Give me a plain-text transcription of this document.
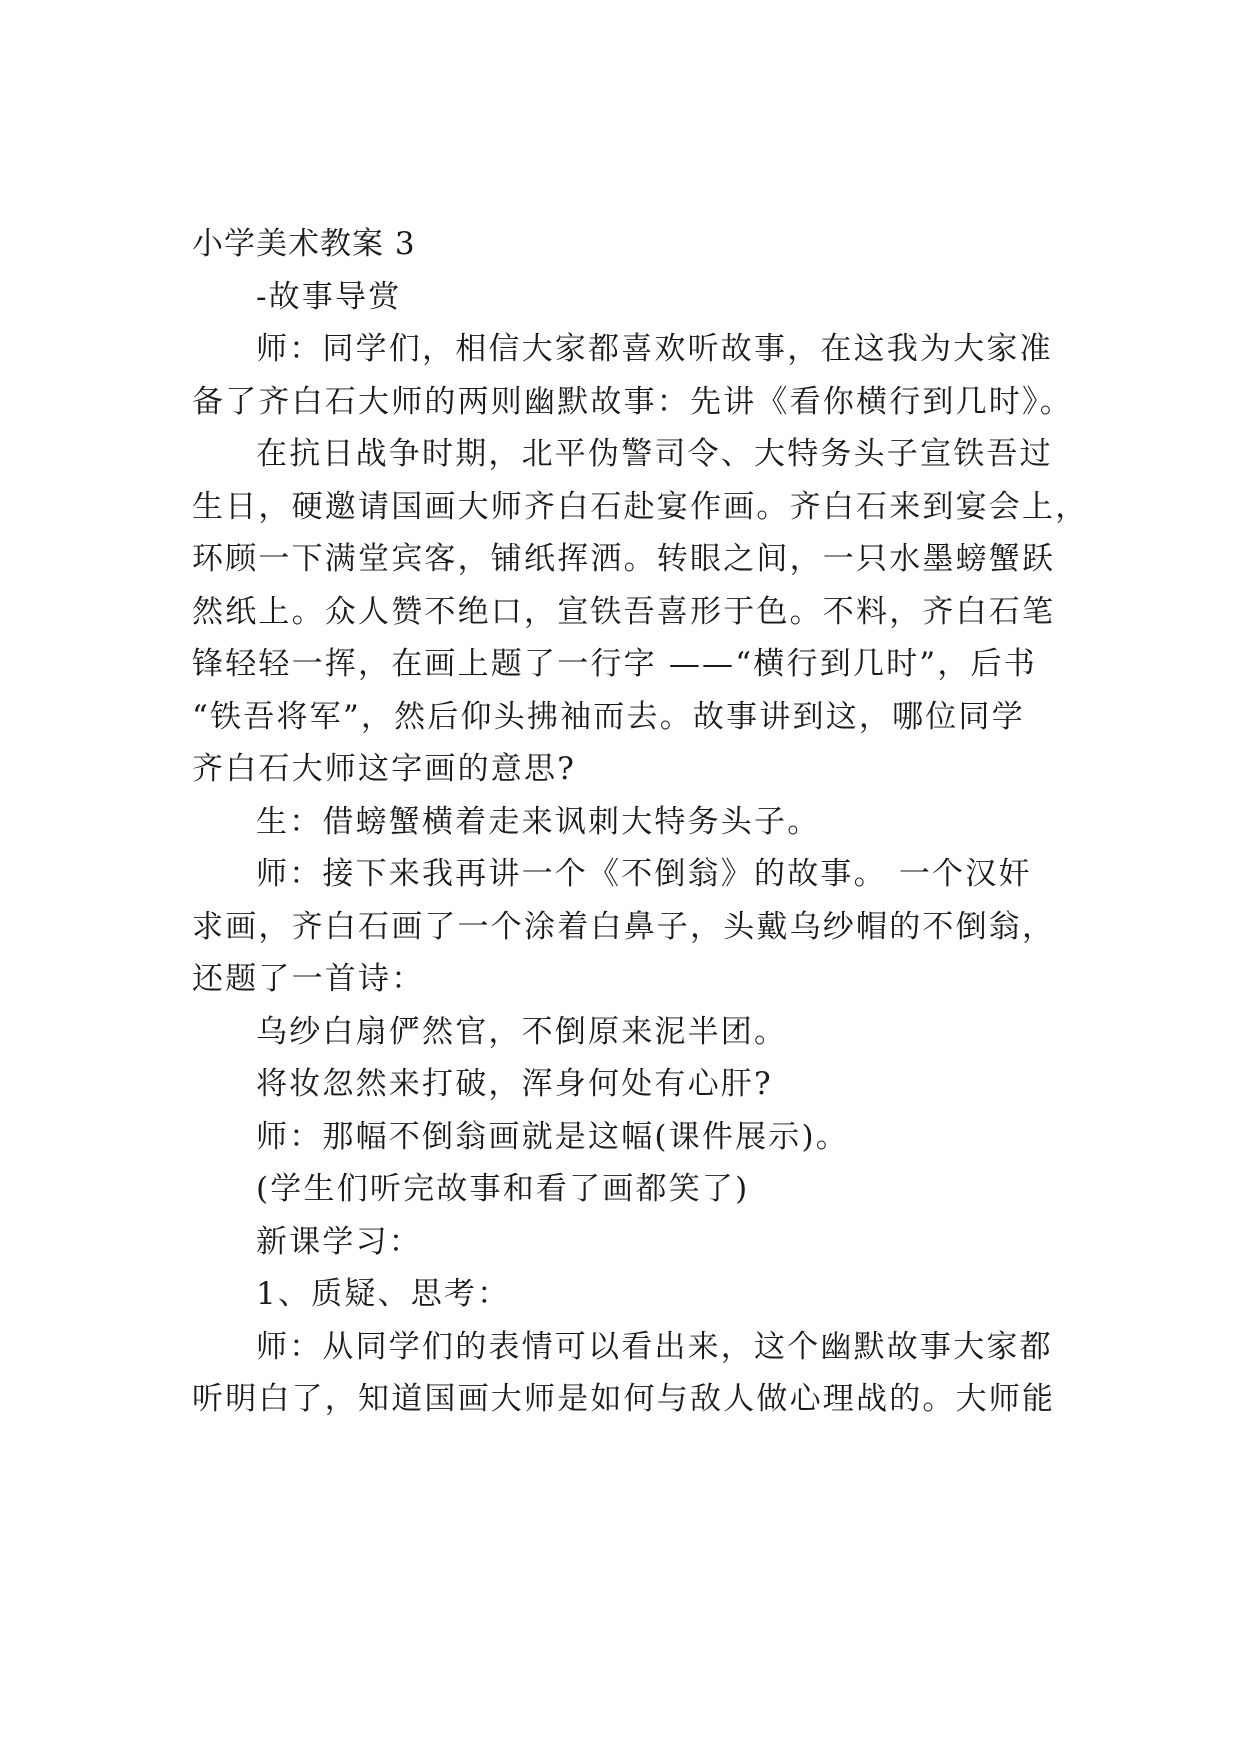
小学美术教案 3
-故事导赏
师：同学们，相信大家都喜欢听故事，在这我为大家准
备了齐白石大师的两则幽默故事：先讲《看你横行到几时》。
在抗日战争时期，北平伪警司令、大特务头子宣铁吾过
生日，硬邀请国画大师齐白石赴宴作画。齐白石来到宴会上，
环顾一下满堂宾客，铺纸挥洒。转眼之间，一只水墨螃蟹跃
然纸上。众人赞不绝口，宣铁吾喜形于色。不料，齐白石笔
锋轻轻一挥，在画上题了一行字 ——“横行到几时”，后书
“铁吾将军”，然后仰头拂袖而去。故事讲到这，哪位同学
齐白石大师这字画的意思?
生：借螃蟹横着走来讽刺大特务头子。
师：接下来我再讲一个《不倒翁》的故事。 一个汉奸
求画，齐白石画了一个涂着白鼻子，头戴乌纱帽的不倒翁，
还题了一首诗：
乌纱白扇俨然官，不倒原来泥半团。
将妆忽然来打破，浑身何处有心肝?
师：那幅不倒翁画就是这幅(课件展示)。
(学生们听完故事和看了画都笑了)
新课学习：
1、质疑、思考：
师：从同学们的表情可以看出来，这个幽默故事大家都
听明白了，知道国画大师是如何与敌人做心理战的。大师能
